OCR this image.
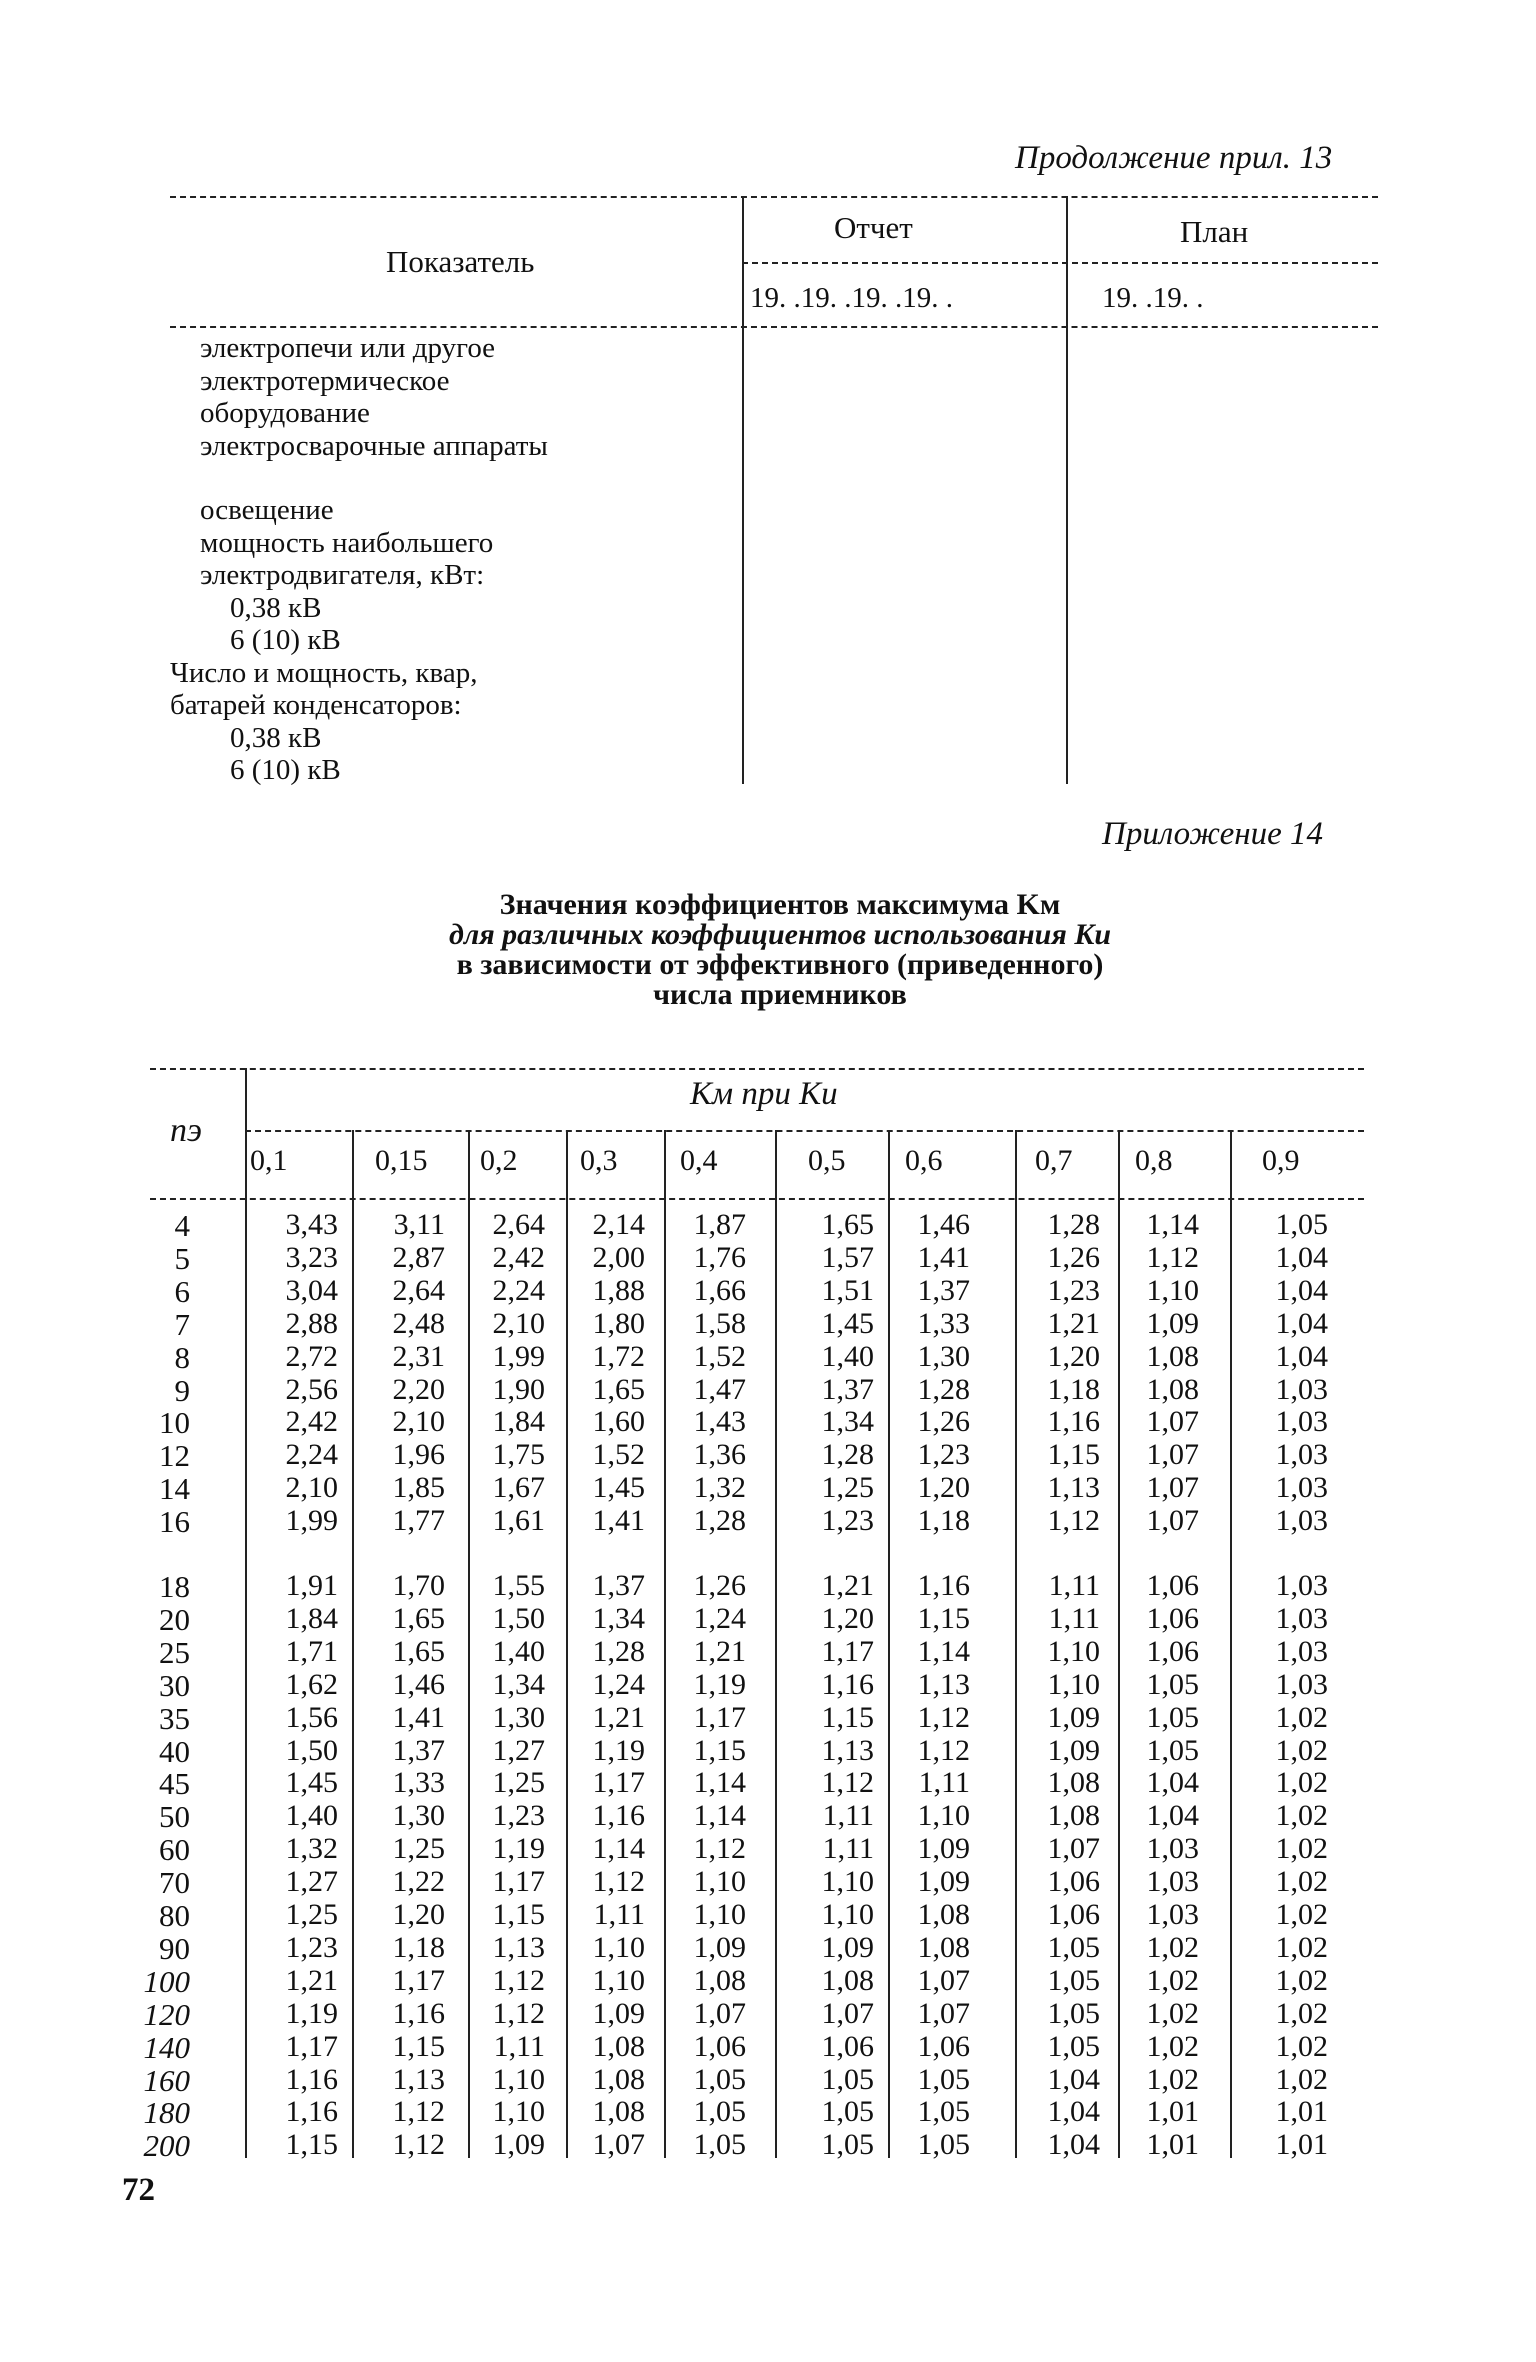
Продолжение прил. 13
Показатель
Отчет	План
19. .19. .19. .19. .	19. .19. .
электропечи или другое
электротермическое
оборудование
электросварочные аппараты
освещение
мощность наибольшего
электродвигателя, кВт:
0,38 кВ
6 (10) кВ
Число и мощность, квар,
батарей конденсаторов:
0,38 кВ
6 (10) кВ
Приложение 14
Значения коэффициентов максимума Kм
для различных коэффициентов использования Kи
в зависимости от эффективного (приведенного)
числа приемников
nэ
Kм при Kи
0,1	0,15 0,2 0,3 0,4	0,5 0,6	0,7 0,8	0,9
4	3,43 3,11 2,64 2,14 1,87	1,65 1,46	1,28 1,14	1,05
5	3,23 2,87 2,42 2,00 1,76	1,57 1,41	1,26 1,12	1,04
6	3,04 2,64 2,24 1,88 1,66	1,51 1,37	1,23 1,10	1,04
7	2,88 2,48 2,10 1,80 1,58	1,45 1,33	1,21 1,09	1,04
8	2,72 2,31 1,99 1,72 1,52	1,40 1,30	1,20 1,08	1,04
9	2,56 2,20 1,90 1,65 1,47	1,37 1,28	1,18 1,08	1,03
10	2,42 2,10 1,84 1,60 1,43	1,34 1,26	1,16 1,07	1,03
12	2,24 1,96 1,75 1,52 1,36	1,28 1,23	1,15 1,07	1,03
14	2,10 1,85 1,67 1,45 1,32	1,25 1,20	1,13 1,07	1,03
16	1,99 1,77 1,61 1,41 1,28	1,23 1,18	1,12 1,07	1,03
18	1,91 1,70 1,55 1,37 1,26	1,21 1,16	1,11 1,06	1,03
20	1,84 1,65 1,50 1,34 1,24	1,20 1,15	1,11 1,06	1,03
25	1,71 1,65 1,40 1,28 1,21	1,17 1,14	1,10 1,06	1,03
30	1,62 1,46 1,34 1,24 1,19	1,16 1,13	1,10 1,05	1,03
35	1,56 1,41 1,30 1,21 1,17	1,15 1,12	1,09 1,05	1,02
40	1,50 1,37 1,27 1,19 1,15	1,13 1,12	1,09 1,05	1,02
45	1,45 1,33 1,25 1,17 1,14	1,12 1,11	1,08 1,04	1,02
50	1,40 1,30 1,23 1,16 1,14	1,11 1,10	1,08 1,04	1,02
60	1,32 1,25 1,19 1,14 1,12	1,11 1,09	1,07 1,03	1,02
70	1,27 1,22 1,17 1,12 1,10	1,10 1,09	1,06 1,03	1,02
80	1,25 1,20 1,15 1,11 1,10	1,10 1,08	1,06 1,03	1,02
90	1,23 1,18 1,13 1,10 1,09	1,09 1,08	1,05 1,02	1,02
100	1,21 1,17 1,12 1,10 1,08	1,08 1,07	1,05 1,02	1,02
120	1,19 1,16 1,12 1,09 1,07	1,07 1,07	1,05 1,02	1,02
140	1,17 1,15 1,11 1,08 1,06	1,06 1,06	1,05 1,02	1,02
160	1,16 1,13 1,10 1,08 1,05	1,05 1,05	1,04 1,02	1,02
180	1,16 1,12 1,10 1,08 1,05	1,05 1,05	1,04 1,01	1,01
200	1,15 1,12 1,09 1,07 1,05	1,05 1,05	1,04 1,01	1,01
72
